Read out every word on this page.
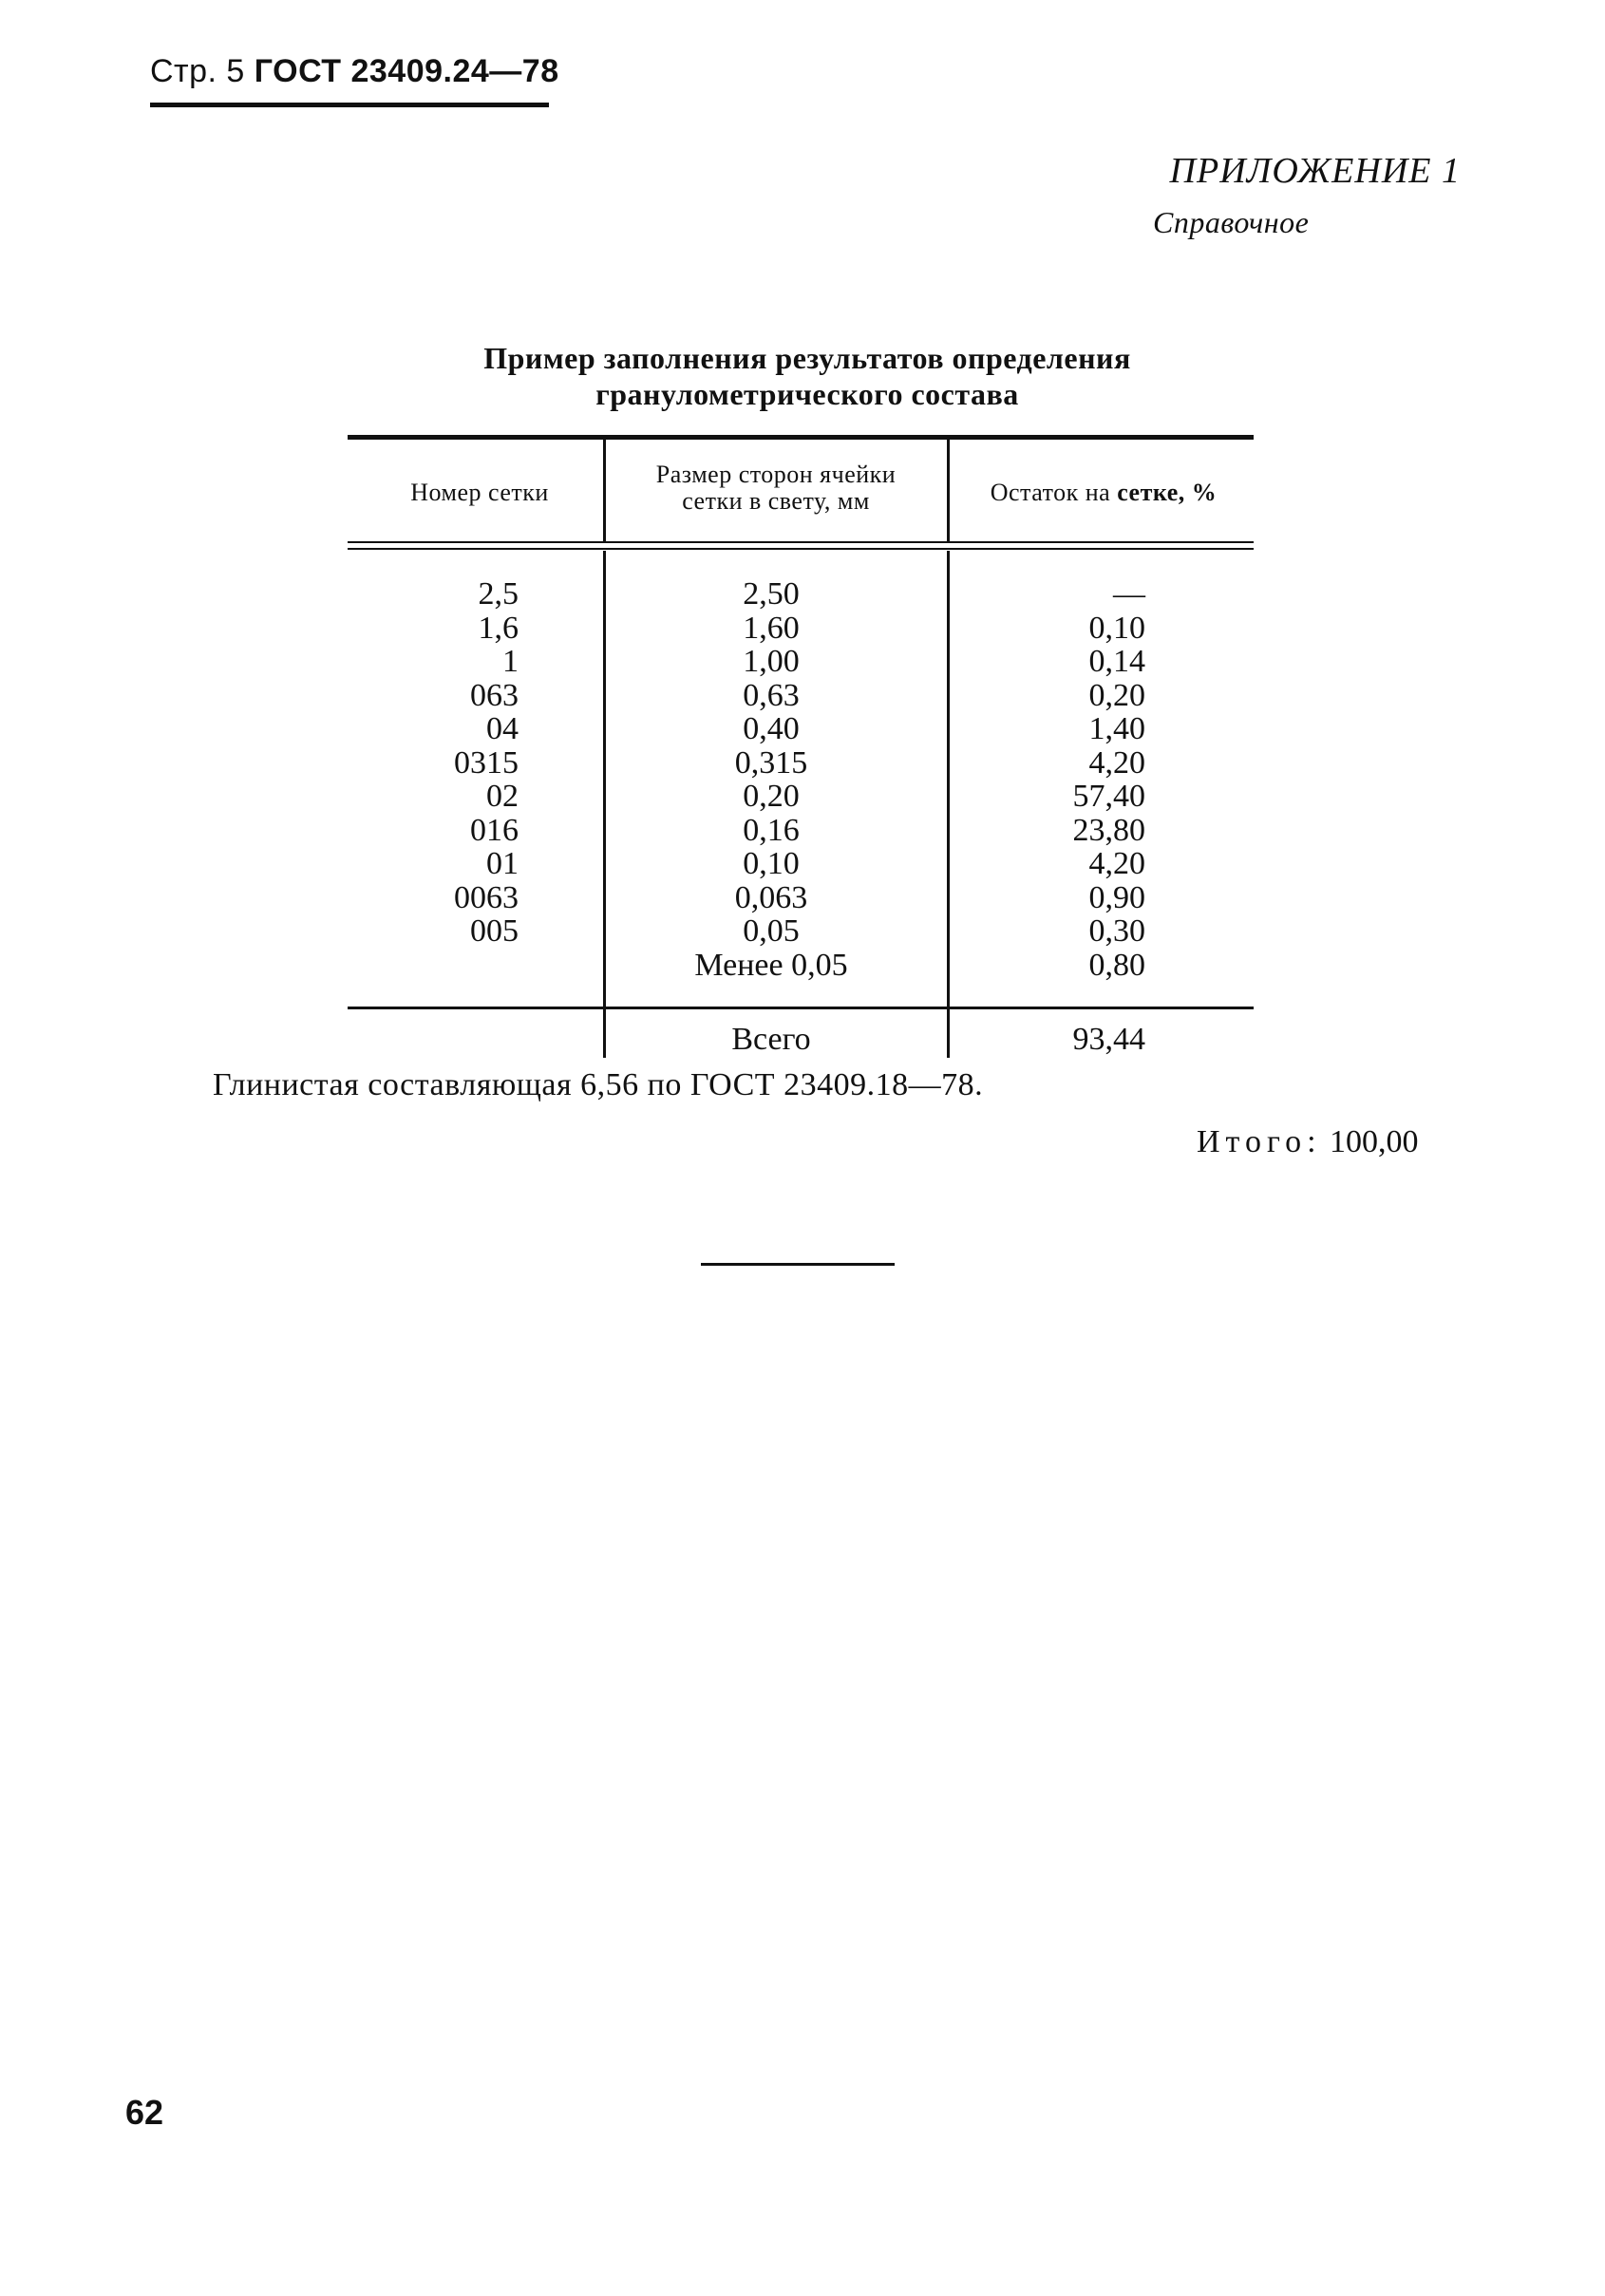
Стр. 5 ГОСТ 23409.24—78
ПРИЛОЖЕНИЕ 1
Справочное
Пример заполнения результатов определения
гранулометрического состава
Номер сетки
Размер сторон ячейки
сетки в свету, мм	Остаток на сетке, %
2,5
1,6
1
063
04
0315
02
016
01
0063
005
2,50
1,60
1,00
0,63
0,40
0,315
0,20
0,16
0,10
0,063
0,05
Менее 0,05
—
0,10
0,14
0,20
1,40
4,20
57,40
23,80
4,20
0,90
0,30
0,80
Всего	93,44
Глинистая составляющая 6,56 по ГОСТ 23409.18—78.
Итого: 100,00
62
